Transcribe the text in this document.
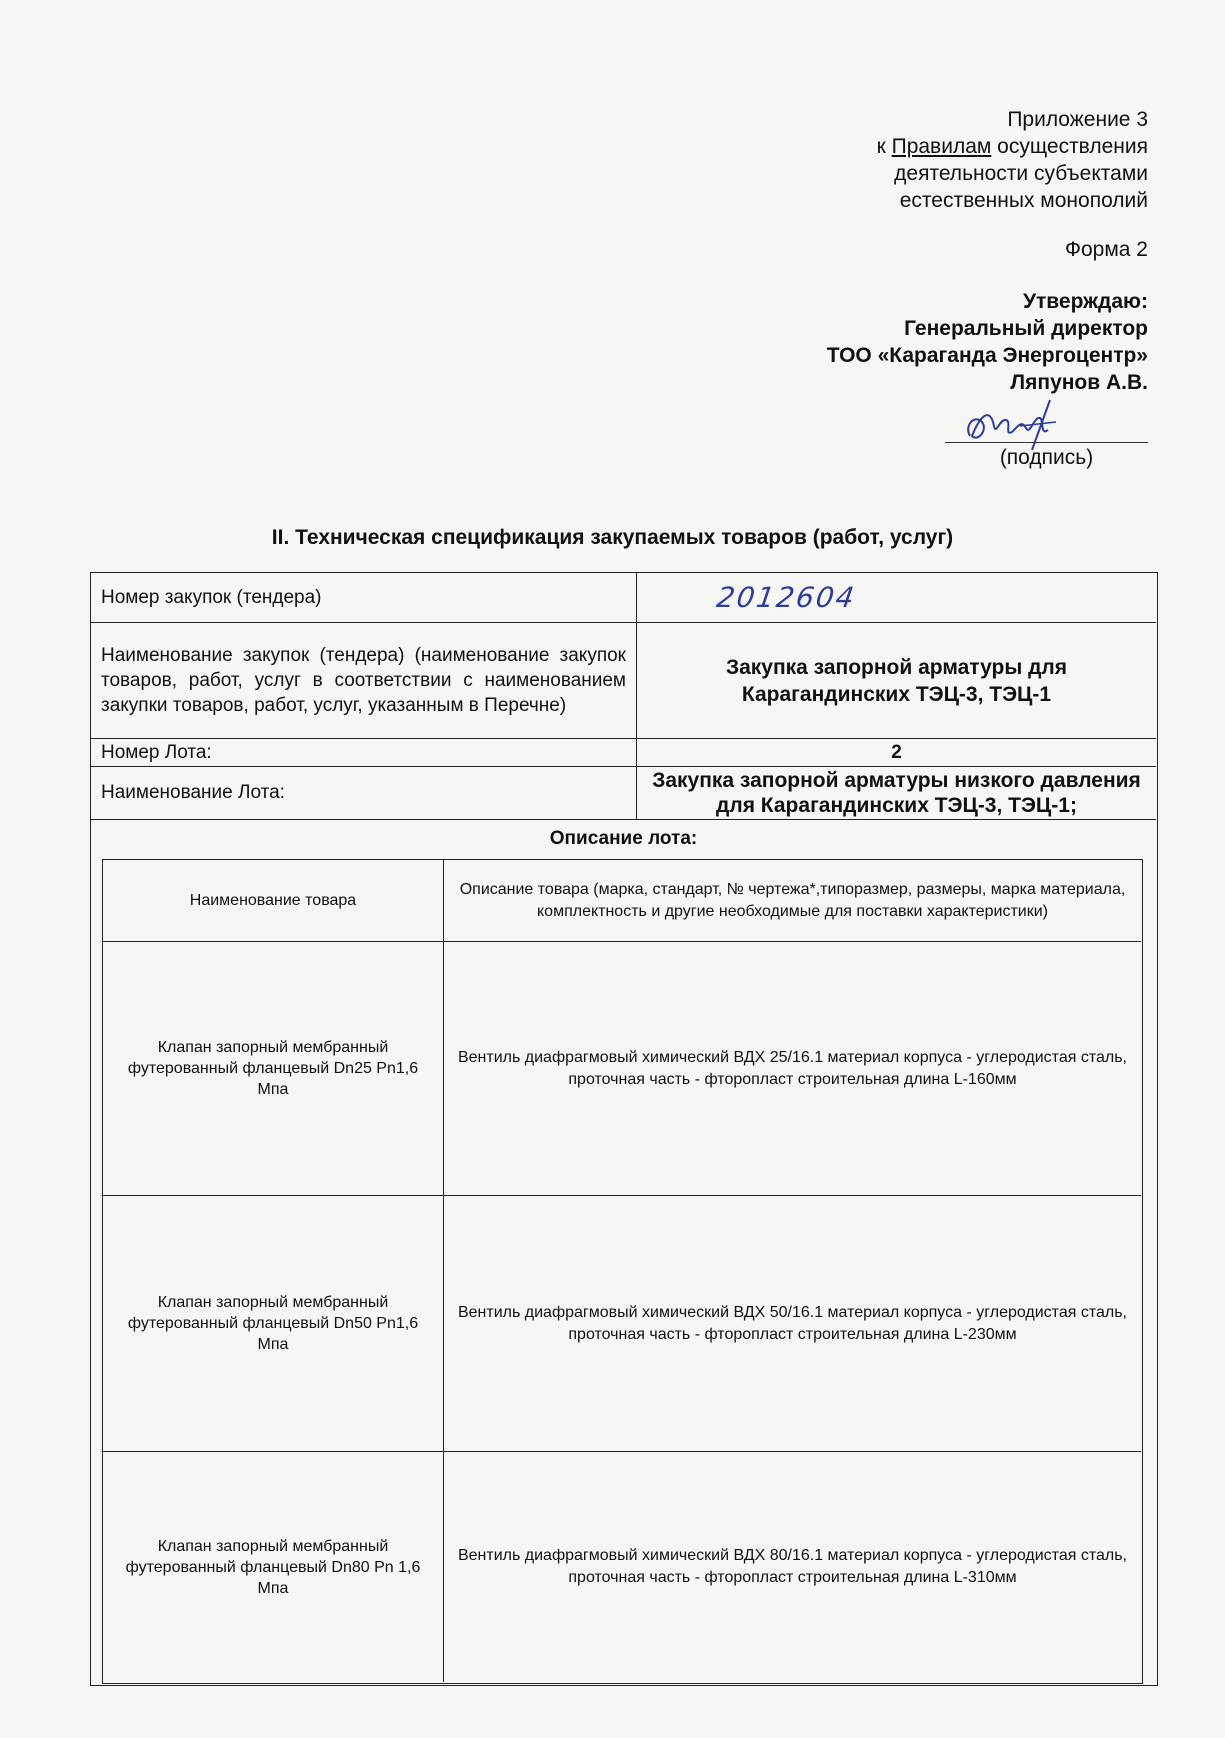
Приложение 3
к Правилам осуществления
деятельности субъектами
естественных монополий
Форма 2
Утверждаю:
Генеральный директор
ТОО «Караганда Энергоцентр»
Ляпунов А.В.
(подпись)
II. Техническая спецификация закупаемых товаров (работ, услуг)
Номер закупок (тендера)	2012604
Наименование закупок (тендера) (наименование закупок товаров, работ, услуг в соответствии с наименованием закупки товаров, работ, услуг, указанным в Перечне)
Закупка запорной арматуры для Карагандинских ТЭЦ-3, ТЭЦ-1
Номер Лота:	2
Наименование Лота:
Закупка запорной арматуры низкого давления для Карагандинских ТЭЦ-3, ТЭЦ-1;
Описание лота:
Наименование товара
Описание товара (марка, стандарт, № чертежа*,типоразмер, размеры, марка материала, комплектность и другие необходимые для поставки характеристики)
Клапан запорный мембранный футерованный фланцевый Dn25 Pn1,6 Мпа
Вентиль диафрагмовый химический ВДХ 25/16.1 материал корпуса - углеродистая сталь, проточная часть - фторопласт строительная длина L-160мм
Клапан запорный мембранный футерованный фланцевый Dn50 Pn1,6 Мпа
Вентиль диафрагмовый химический ВДХ 50/16.1 материал корпуса - углеродистая сталь, проточная часть - фторопласт строительная длина L-230мм
Клапан запорный мембранный футерованный фланцевый Dn80 Pn 1,6 Мпа
Вентиль диафрагмовый химический ВДХ 80/16.1 материал корпуса - углеродистая сталь, проточная часть - фторопласт строительная длина L-310мм
